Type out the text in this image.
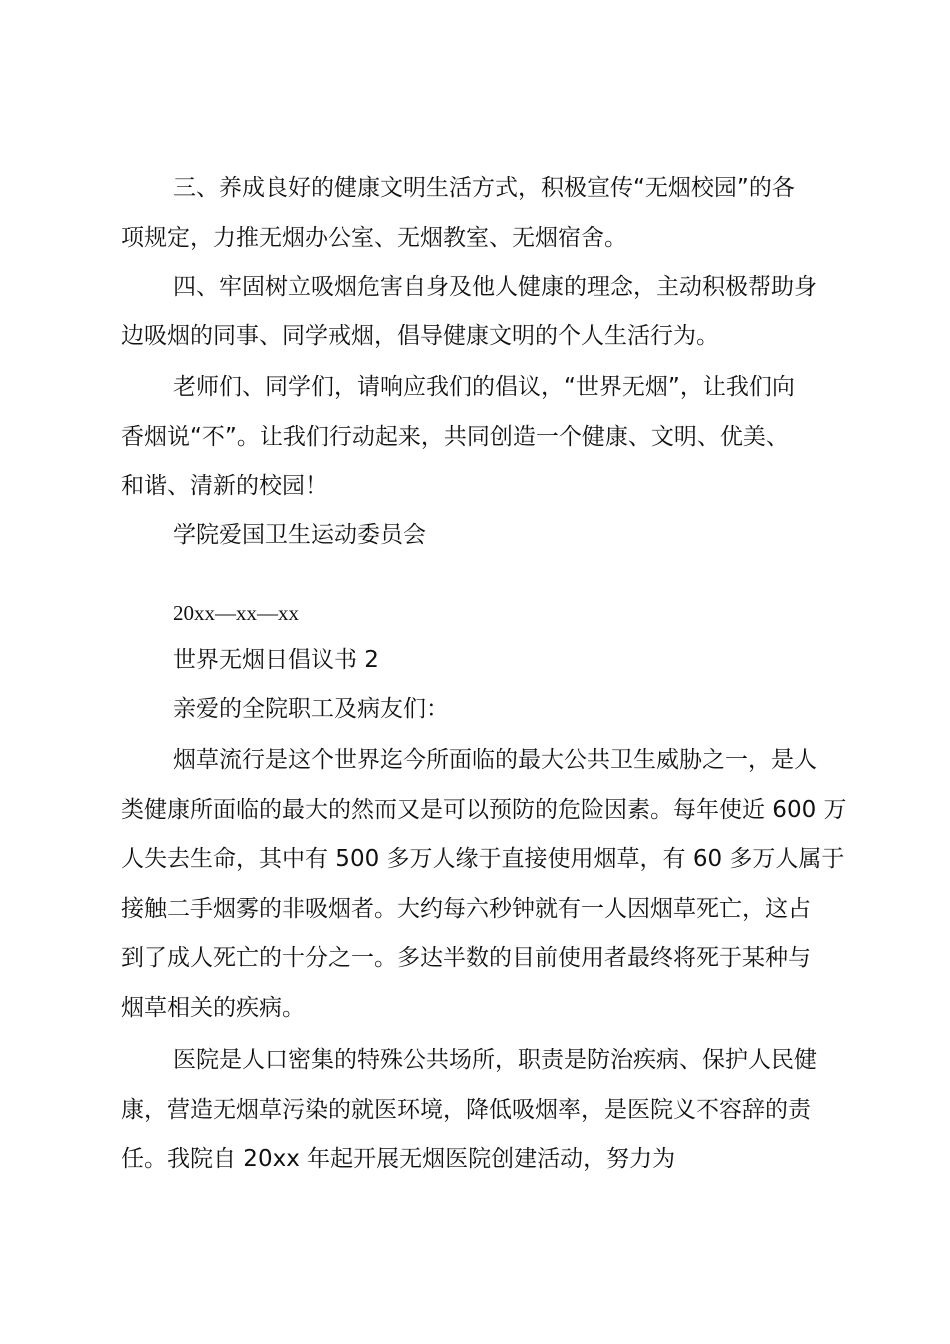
三、养成良好的健康文明生活方式，积极宣传“无烟校园”的各

项规定，力推无烟办公室、无烟教室、无烟宿舍。

四、牢固树立吸烟危害自身及他人健康的理念，主动积极帮助身

边吸烟的同事、同学戒烟，倡导健康文明的个人生活行为。

老师们、同学们，请响应我们的倡议，“世界无烟”，让我们向

香烟说“不”。让我们行动起来，共同创造一个健康、文明、优美、

和谐、清新的校园！

学院爱国卫生运动委员会

20xx—xx—xx

世界无烟日倡议书 2

亲爱的全院职工及病友们：

烟草流行是这个世界迄今所面临的最大公共卫生威胁之一，是人

类健康所面临的最大的然而又是可以预防的危险因素。每年使近 600 万

人失去生命，其中有 500 多万人缘于直接使用烟草，有 60 多万人属于

接触二手烟雾的非吸烟者。大约每六秒钟就有一人因烟草死亡，这占

到了成人死亡的十分之一。多达半数的目前使用者最终将死于某种与

烟草相关的疾病。

医院是人口密集的特殊公共场所，职责是防治疾病、保护人民健

康，营造无烟草污染的就医环境，降低吸烟率，是医院义不容辞的责

任。我院自 20xx 年起开展无烟医院创建活动，努力为
